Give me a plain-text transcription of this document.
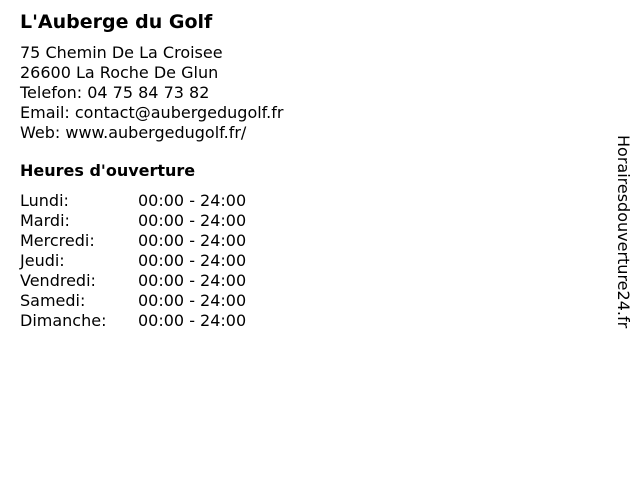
L'Auberge du Golf
75 Chemin De La Croisee
26600 La Roche De Glun
Telefon: 04 75 84 73 82
Email: contact@aubergedugolf.fr
Web: www.aubergedugolf.fr/
Heures d'ouverture
Lundi:	00:00 - 24:00
Mardi:	00:00 - 24:00
Mercredi:	00:00 - 24:00
Jeudi:	00:00 - 24:00
Vendredi:	00:00 - 24:00
Samedi:	00:00 - 24:00
Dimanche: 00:00 - 24:00	Horairesdouverture24.fr
